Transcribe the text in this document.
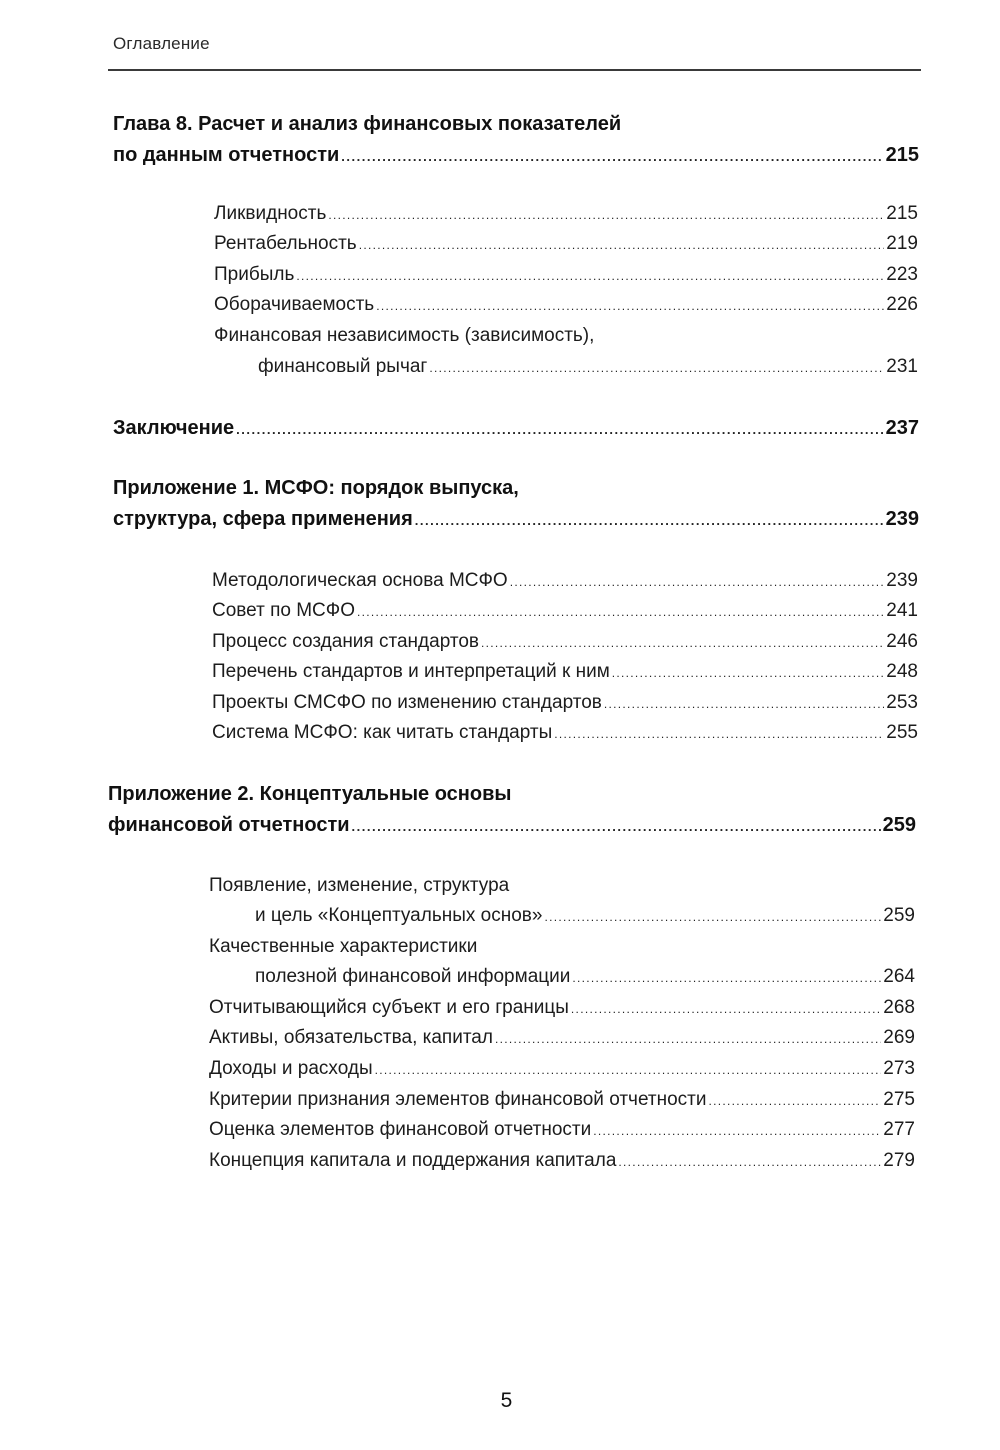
Оглавление
Глава 8. Расчет и анализ финансовых показателей
по данным отчетности .....	215
Ликвидность .....	215
Рентабельность .....	219
Прибыль .....	223
Оборачиваемость .....	226
Финансовая независимость (зависимость),
финансовый рычаг .....	231
Заключение .....	237
Приложение 1. МСФО: порядок выпуска,
структура, сфера применения .....	239
Методологическая основа МСФО .....	239
Совет по МСФО .....	241
Процесс создания стандартов .....	246
Перечень стандартов и интерпретаций к ним .....	248
Проекты СМСФО по изменению стандартов .....	253
Система МСФО: как читать стандарты .....	255
Приложение 2. Концептуальные основы
финансовой отчетности .....	259
Появление, изменение, структура
и цель «Концептуальных основ» .....	259
Качественные характеристики
полезной финансовой информации .....	264
Отчитывающийся субъект и его границы .....	268
Активы, обязательства, капитал .....	269
Доходы и расходы .....	273
Критерии признания элементов финансовой отчетности .....	275
Оценка элементов финансовой отчетности .....	277
Концепция капитала и поддержания капитала .....	279
5
